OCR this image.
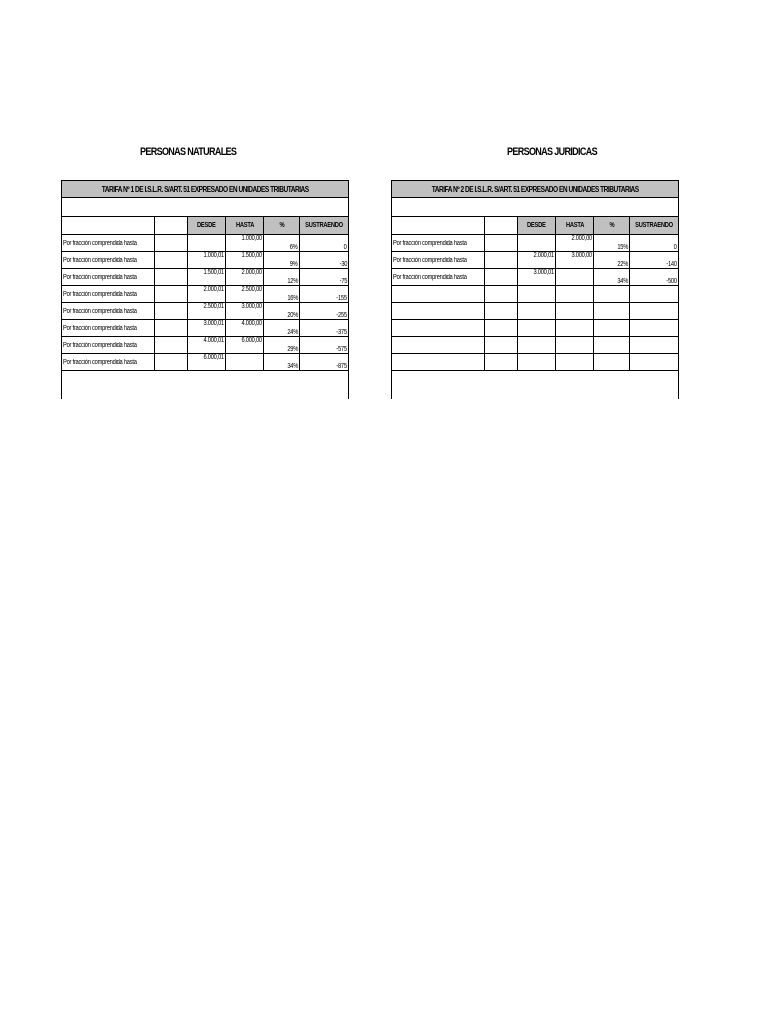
PERSONAS NATURALES	PERSONAS JURIDICAS
TARIFA Nº 1 DE I.S.L.R. S/ART. 51 EXPRESADO EN UNIDADES TRIBUTARIAS
		DESDE	HASTA	%	SUSTRAENDO
Por fracción comprendida hasta			1.000,00	6%	0
Por fracción comprendida hasta		1.000,01	1.500,00	9%	-30
Por fracción comprendida hasta		1.500,01	2.000,00	12%	-75
Por fracción comprendida hasta		2.000,01	2.500,00	16%	-155
Por fracción comprendida hasta		2.500,01	3.000,00	20%	-255
Por fracción comprendida hasta		3.000,01	4.000,00	24%	-375
Por fracción comprendida hasta		4.000,01	6.000,00	29%	-575
Por fracción comprendida hasta		6.000,01		34%	-875
TARIFA Nº 2 DE I.S.L.R. S/ART. 51 EXPRESADO EN UNIDADES TRIBUTARIAS
		DESDE	HASTA	%	SUSTRAENDO
Por fracción comprendida hasta			2.000,00	15%	0
Por fracción comprendida hasta		2.000,01	3.000,00	22%	-140
Por fracción comprendida hasta		3.000,01		34%	-500
